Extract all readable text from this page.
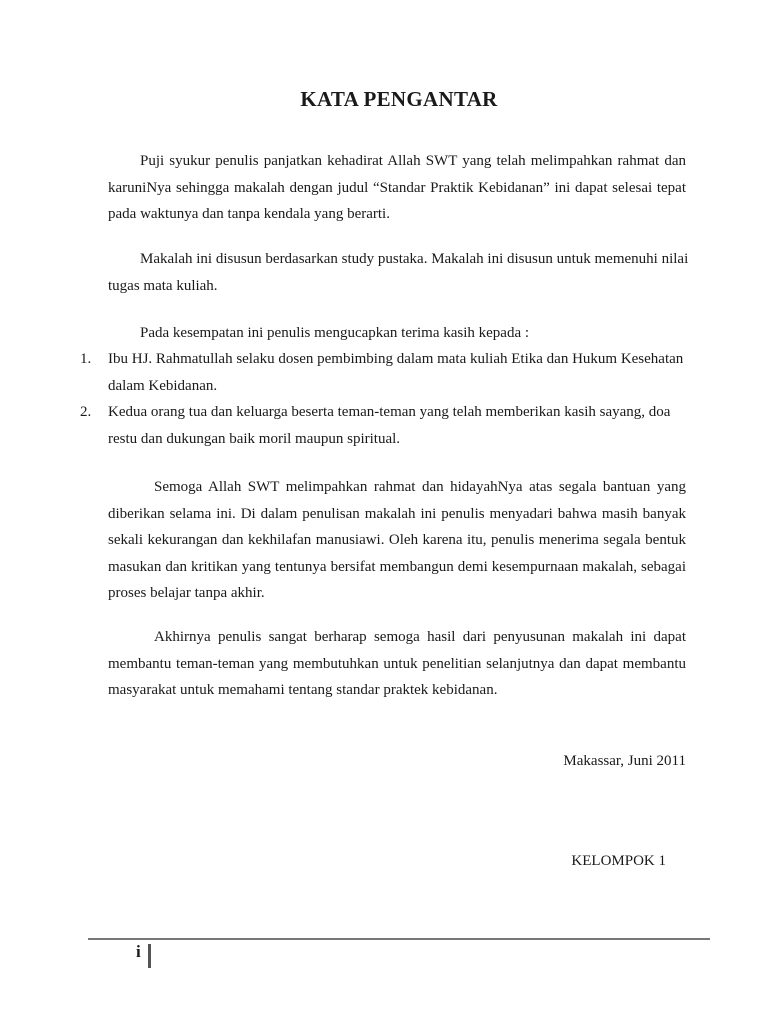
KATA PENGANTAR

Puji syukur penulis panjatkan kehadirat Allah SWT yang telah melimpahkan rahmat dan karuniNya sehingga makalah dengan judul “Standar Praktik Kebidanan” ini dapat selesai tepat pada waktunya dan tanpa kendala yang berarti.

Makalah ini disusun berdasarkan study pustaka. Makalah ini disusun untuk memenuhi nilai tugas mata kuliah.

Pada kesempatan ini penulis mengucapkan terima kasih kepada :

1. Ibu HJ. Rahmatullah selaku dosen pembimbing dalam mata kuliah Etika dan Hukum Kesehatan dalam Kebidanan.
2. Kedua orang tua dan keluarga beserta teman-teman yang telah memberikan kasih sayang, doa restu dan dukungan baik moril maupun spiritual.

Semoga Allah SWT melimpahkan rahmat dan hidayahNya atas segala bantuan yang diberikan selama ini. Di dalam penulisan makalah ini penulis menyadari bahwa masih banyak sekali kekurangan dan kekhilafan manusiawi. Oleh karena itu, penulis menerima segala bentuk masukan dan kritikan yang tentunya bersifat membangun demi kesempurnaan makalah, sebagai proses belajar tanpa akhir.

Akhirnya penulis sangat berharap semoga hasil dari penyusunan makalah ini dapat membantu teman-teman yang membutuhkan untuk penelitian selanjutnya dan dapat membantu masyarakat untuk memahami tentang standar praktek kebidanan.

Makassar, Juni 2011
KELOMPOK 1
i
